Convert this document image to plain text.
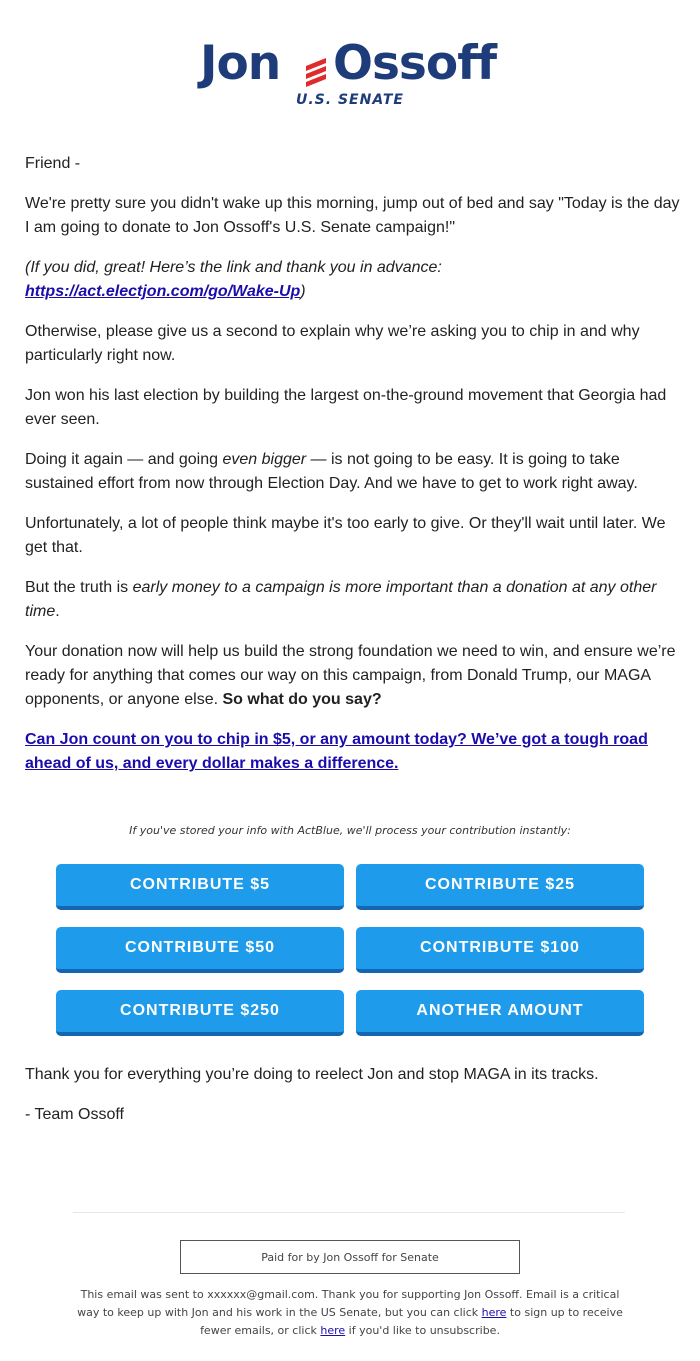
Jon Ossoff
U.S. SENATE

Friend -

We're pretty sure you didn't wake up this morning, jump out of bed and say "Today is the day I am going to donate to Jon Ossoff's U.S. Senate campaign!"

(If you did, great! Here’s the link and thank you in advance: https://act.electjon.com/go/Wake-Up)

Otherwise, please give us a second to explain why we’re asking you to chip in and why particularly right now.

Jon won his last election by building the largest on-the-ground movement that Georgia had ever seen.

Doing it again — and going even bigger — is not going to be easy. It is going to take sustained effort from now through Election Day. And we have to get to work right away.

Unfortunately, a lot of people think maybe it's too early to give. Or they'll wait until later. We get that.

But the truth is early money to a campaign is more important than a donation at any other time.

Your donation now will help us build the strong foundation we need to win, and ensure we’re ready for anything that comes our way on this campaign, from Donald Trump, our MAGA opponents, or anyone else. So what do you say?

Can Jon count on you to chip in $5, or any amount today? We’ve got a tough road ahead of us, and every dollar makes a difference.

If you've stored your info with ActBlue, we'll process your contribution instantly:
CONTRIBUTE $5	CONTRIBUTE $25
CONTRIBUTE $50	CONTRIBUTE $100
CONTRIBUTE $250	ANOTHER AMOUNT

Thank you for everything you’re doing to reelect Jon and stop MAGA in its tracks.

- Team Ossoff

Paid for by Jon Ossoff for Senate
This email was sent to xxxxxx@gmail.com. Thank you for supporting Jon Ossoff. Email is a critical way to keep up with Jon and his work in the US Senate, but you can click here to sign up to receive fewer emails, or click here if you'd like to unsubscribe.
